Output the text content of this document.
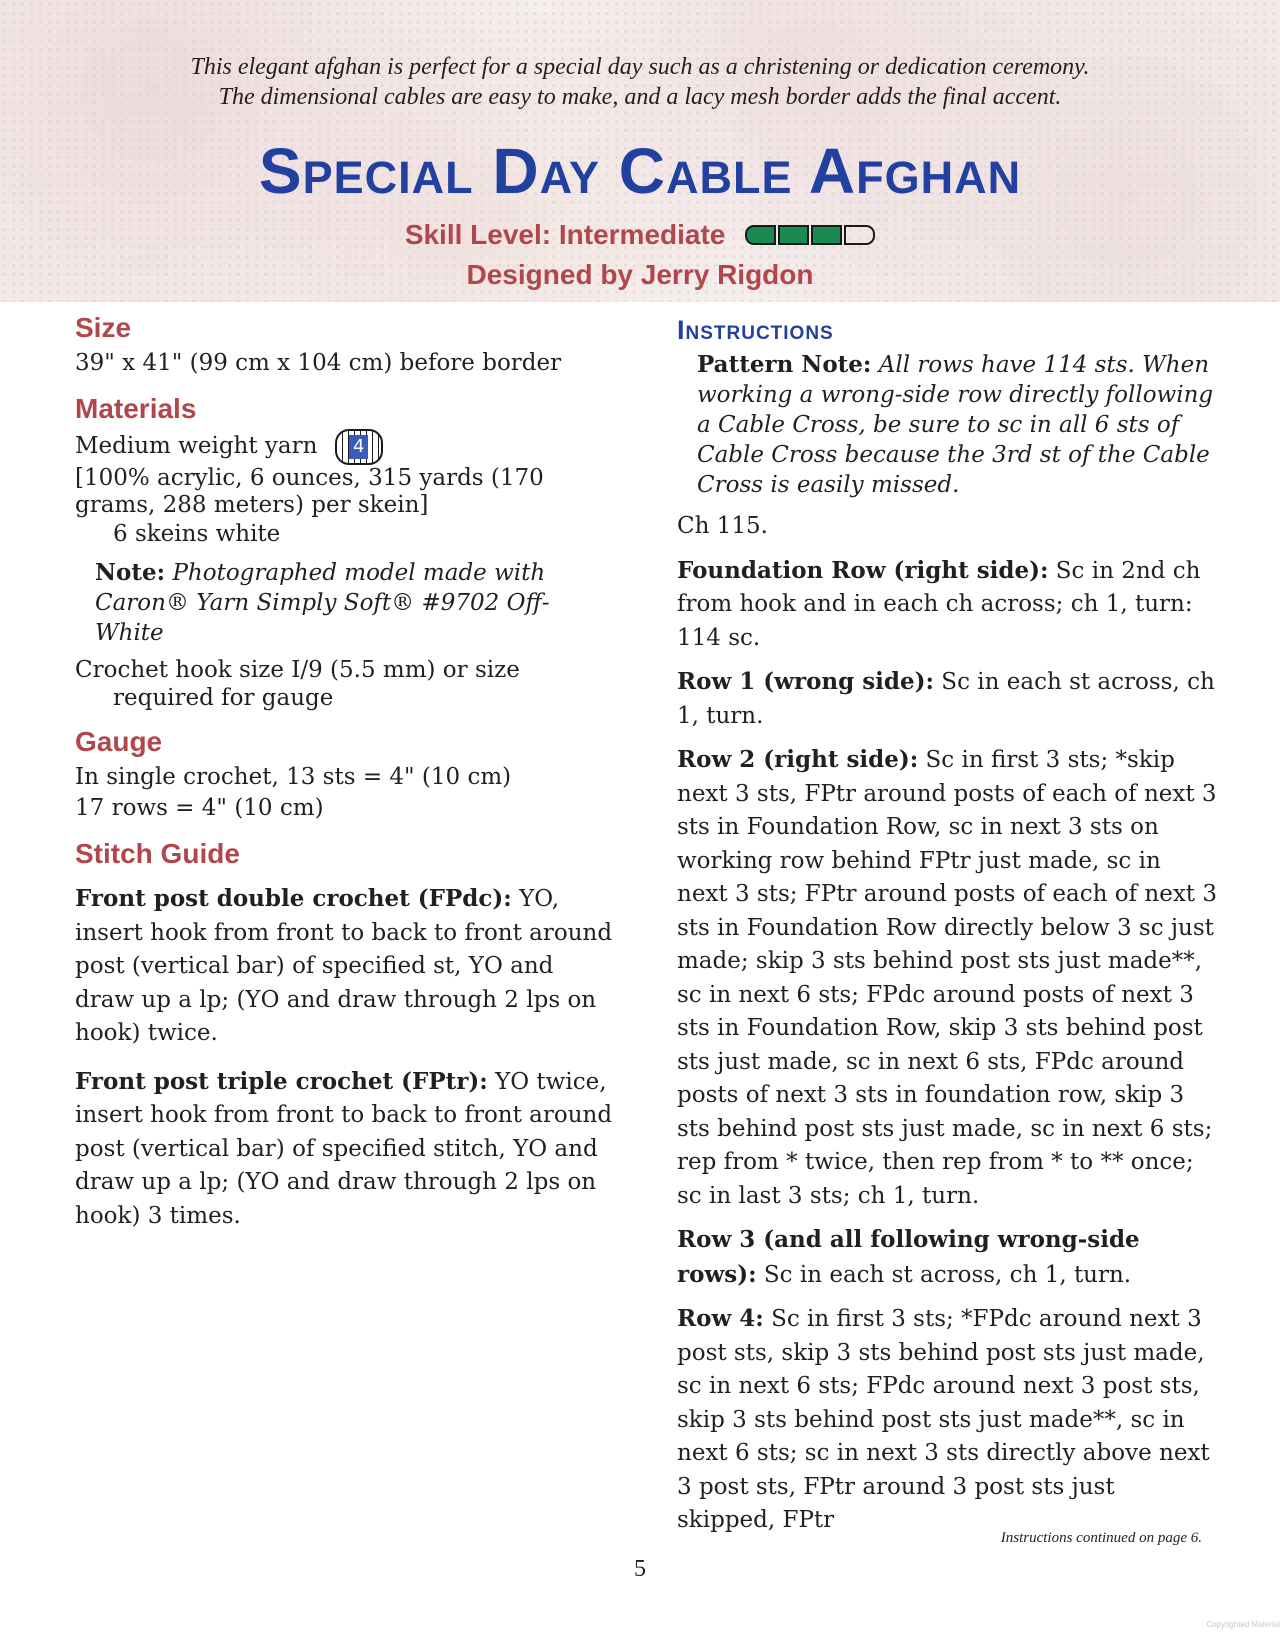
This elegant afghan is perfect for a special day such as a christening or dedication ceremony.
The dimensional cables are easy to make, and a lacy mesh border adds the final accent.
Special Day Cable Afghan
Skill Level: Intermediate
Designed by Jerry Rigdon
Size

39" x 41" (99 cm x 104 cm) before border

Materials

Medium weight yarn 4

[100% acrylic, 6 ounces, 315 yards (170 grams, 288 meters) per skein]

6 skeins white

Note: Photographed model made with Caron® Yarn Simply Soft® #9702 Off-White

Crochet hook size I/9 (5.5 mm) or size required for gauge

Gauge

In single crochet, 13 sts = 4" (10 cm)

17 rows = 4" (10 cm)

Stitch Guide

Front post double crochet (FPdc): YO, insert hook from front to back to front around post (vertical bar) of specified st, YO and draw up a lp; (YO and draw through 2 lps on hook) twice.

Front post triple crochet (FPtr): YO twice, insert hook from front to back to front around post (vertical bar) of specified stitch, YO and draw up a lp; (YO and draw through 2 lps on hook) 3 times.

Instructions

Pattern Note: All rows have 114 sts. When working a wrong-side row directly following a Cable Cross, be sure to sc in all 6 sts of Cable Cross because the 3rd st of the Cable Cross is easily missed.

Ch 115.

Foundation Row (right side): Sc in 2nd ch from hook and in each ch across; ch 1, turn: 114 sc.

Row 1 (wrong side): Sc in each st across, ch 1, turn.

Row 2 (right side): Sc in first 3 sts; *skip next 3 sts, FPtr around posts of each of next 3 sts in Foundation Row, sc in next 3 sts on working row behind FPtr just made, sc in next 3 sts; FPtr around posts of each of next 3 sts in Foundation Row directly below 3 sc just made; skip 3 sts behind post sts just made**, sc in next 6 sts; FPdc around posts of next 3 sts in Foundation Row, skip 3 sts behind post sts just made, sc in next 6 sts, FPdc around posts of next 3 sts in foundation row, skip 3 sts behind post sts just made, sc in next 6 sts; rep from * twice, then rep from * to ** once; sc in last 3 sts; ch 1, turn.

Row 3 (and all following wrong-side rows): Sc in each st across, ch 1, turn.

Row 4: Sc in first 3 sts; *FPdc around next 3 post sts, skip 3 sts behind post sts just made, sc in next 6 sts; FPdc around next 3 post sts, skip 3 sts behind post sts just made**, sc in next 6 sts; sc in next 3 sts directly above next 3 post sts, FPtr around 3 post sts just skipped, FPtr

Instructions continued on page 6.
5
Copyrighted Material
